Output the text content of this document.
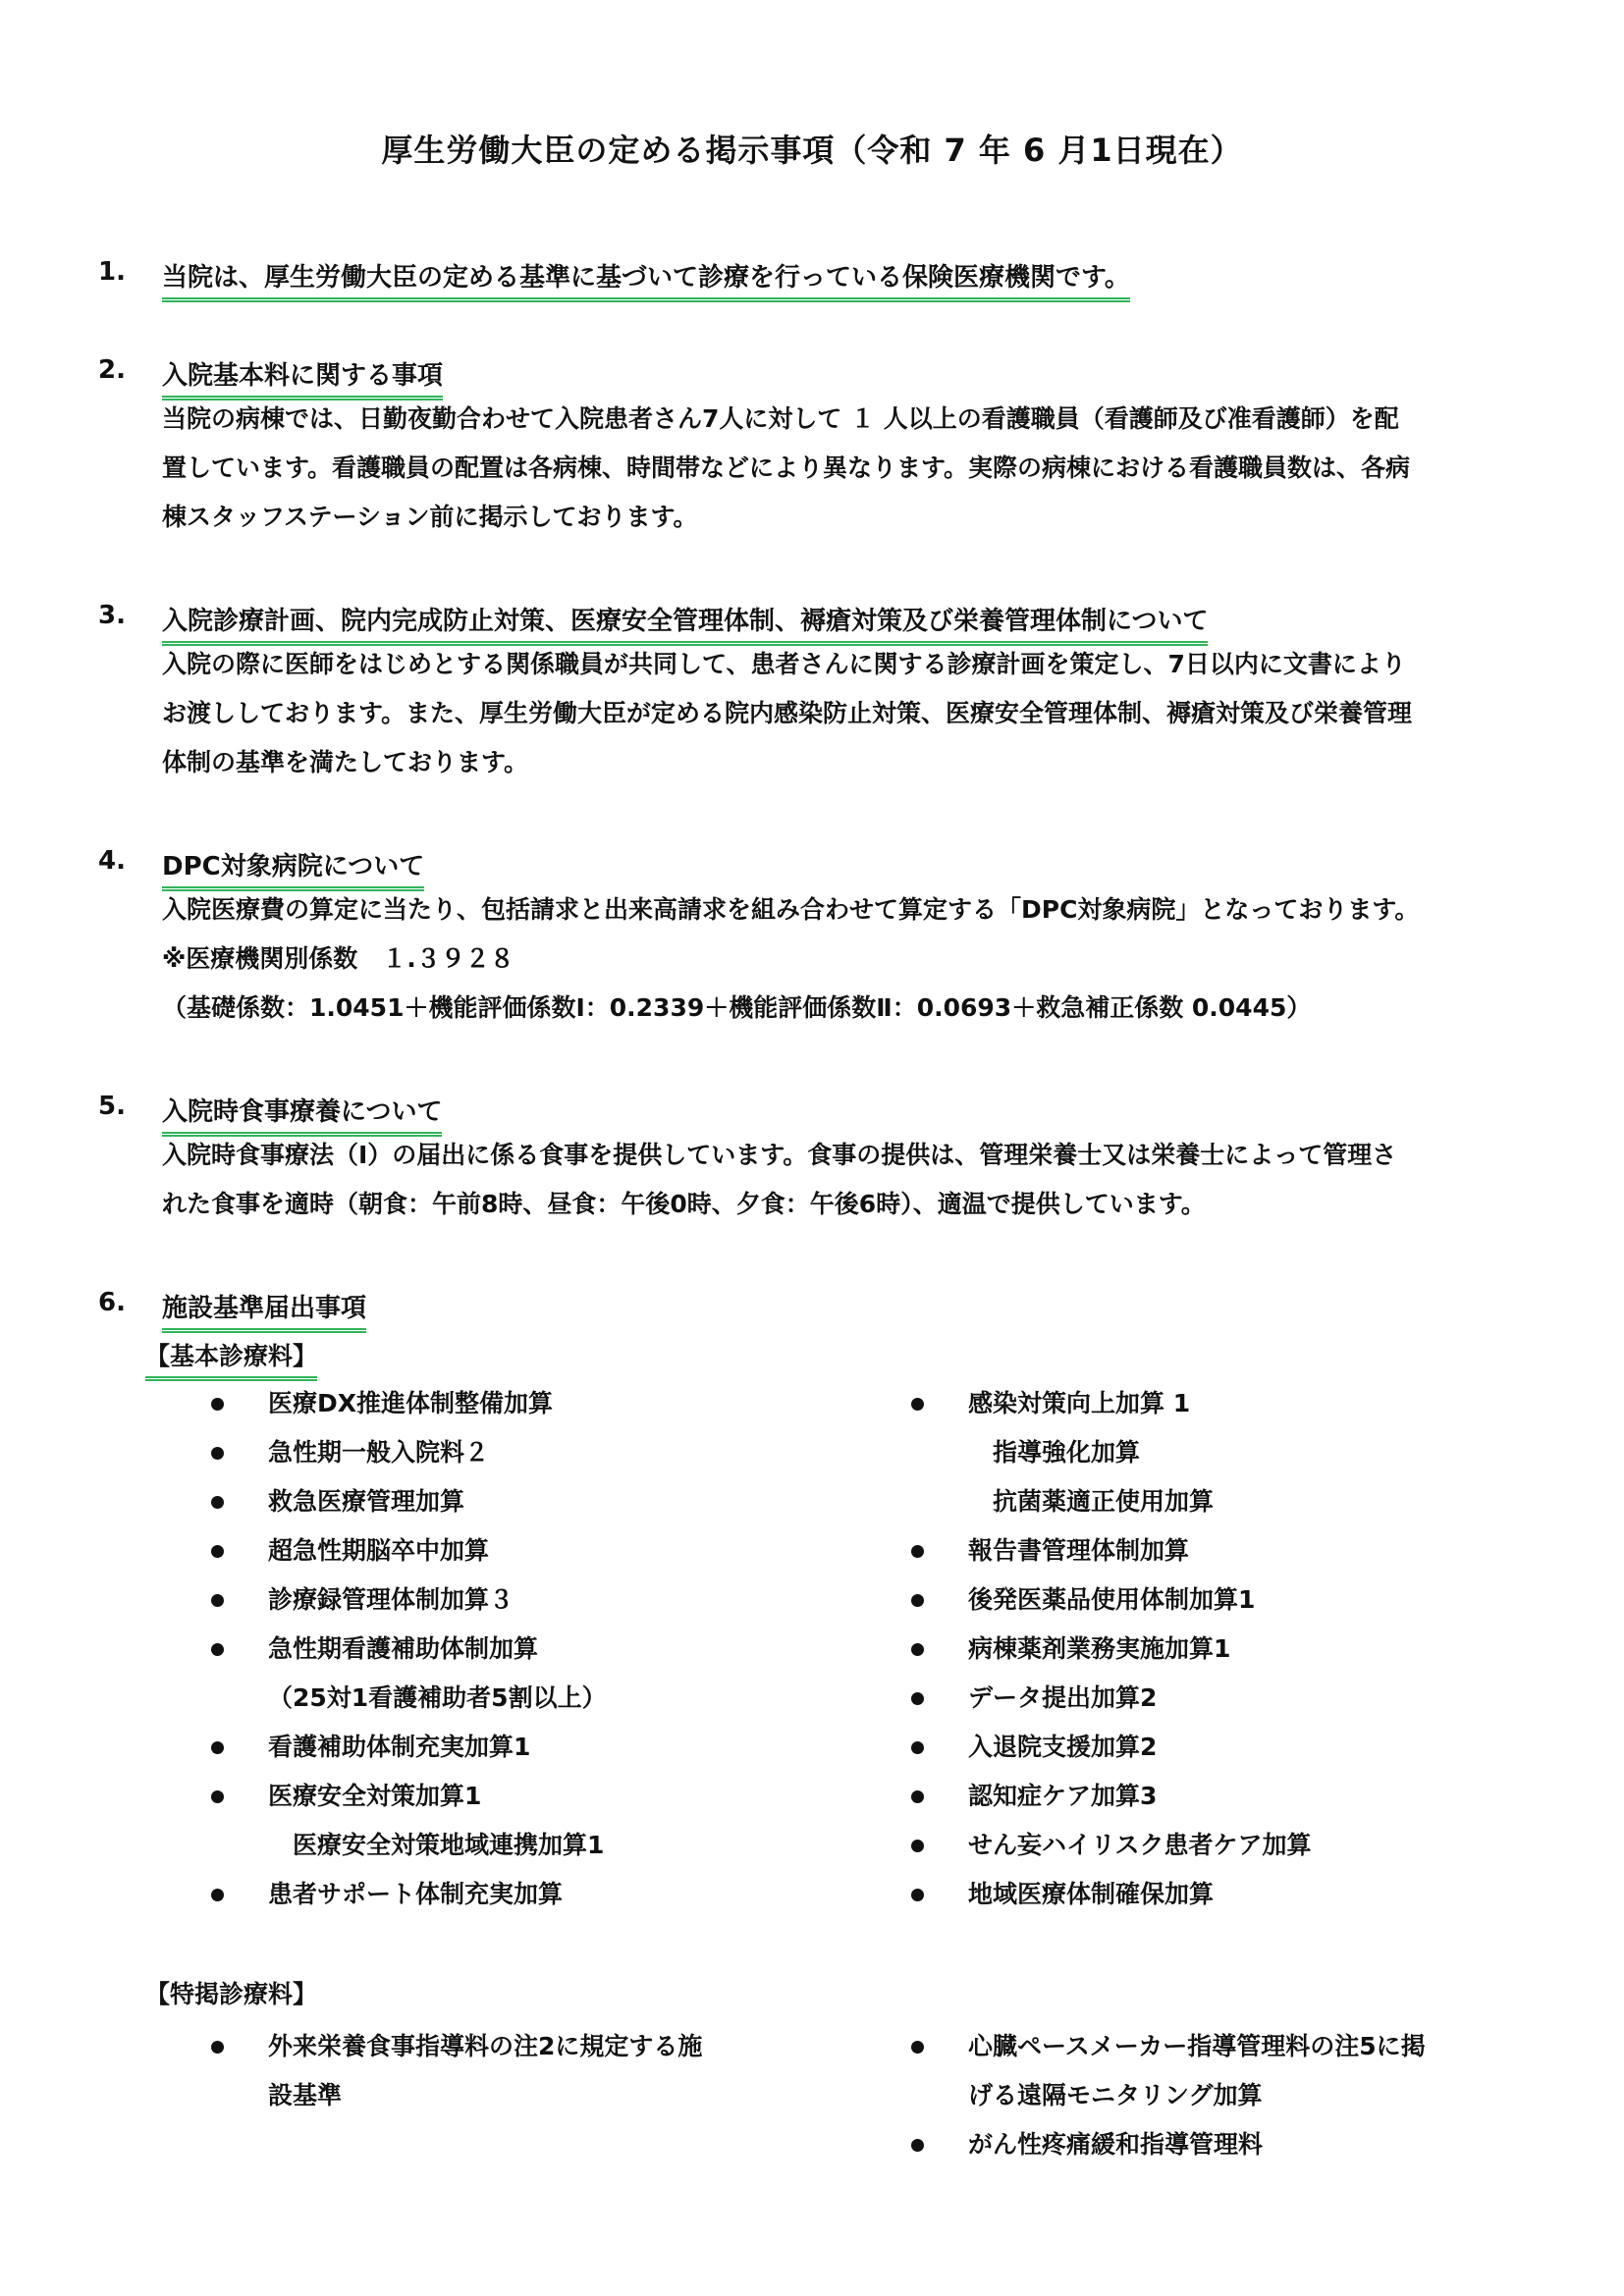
厚生労働大臣の定める掲示事項（令和 7 年 6 月1日現在）
1. 当院は、厚生労働大臣の定める基準に基づいて診療を行っている保険医療機関です。
2. 入院基本料に関する事項
当院の病棟では、日勤夜勤合わせて入院患者さん7人に対して １ 人以上の看護職員（看護師及び准看護師）を配
置しています。看護職員の配置は各病棟、時間帯などにより異なります。実際の病棟における看護職員数は、各病
棟スタッフステーション前に掲示しております。
3. 入院診療計画、院内完成防止対策、医療安全管理体制、褥瘡対策及び栄養管理体制について
入院の際に医師をはじめとする関係職員が共同して、患者さんに関する診療計画を策定し、7日以内に文書により
お渡ししております。また、厚生労働大臣が定める院内感染防止対策、医療安全管理体制、褥瘡対策及び栄養管理
体制の基準を満たしております。
4. DPC対象病院について
入院医療費の算定に当たり、包括請求と出来高請求を組み合わせて算定する「DPC対象病院」となっております。
※医療機関別係数　１.３９２８
（基礎係数：1.0451＋機能評価係数Ⅰ：0.2339＋機能評価係数Ⅱ：0.0693＋救急補正係数 0.0445）
5. 入院時食事療養について
入院時食事療法（Ⅰ）の届出に係る食事を提供しています。食事の提供は、管理栄養士又は栄養士によって管理さ
れた食事を適時（朝食：午前8時、昼食：午後0時、夕食：午後6時）、適温で提供しています。
6. 施設基準届出事項
【基本診療料】
医療DX推進体制整備加算
急性期一般入院料２
救急医療管理加算
超急性期脳卒中加算
診療録管理体制加算３
急性期看護補助体制加算
（25対1看護補助者5割以上）
看護補助体制充実加算1
医療安全対策加算1
　医療安全対策地域連携加算1
患者サポート体制充実加算
感染対策向上加算 1
　指導強化加算
　抗菌薬適正使用加算
報告書管理体制加算
後発医薬品使用体制加算1
病棟薬剤業務実施加算1
データ提出加算2
入退院支援加算2
認知症ケア加算3
せん妄ハイリスク患者ケア加算
地域医療体制確保加算
【特掲診療料】
外来栄養食事指導料の注2に規定する施
設基準
心臓ペースメーカー指導管理料の注5に掲
げる遠隔モニタリング加算
がん性疼痛緩和指導管理料
